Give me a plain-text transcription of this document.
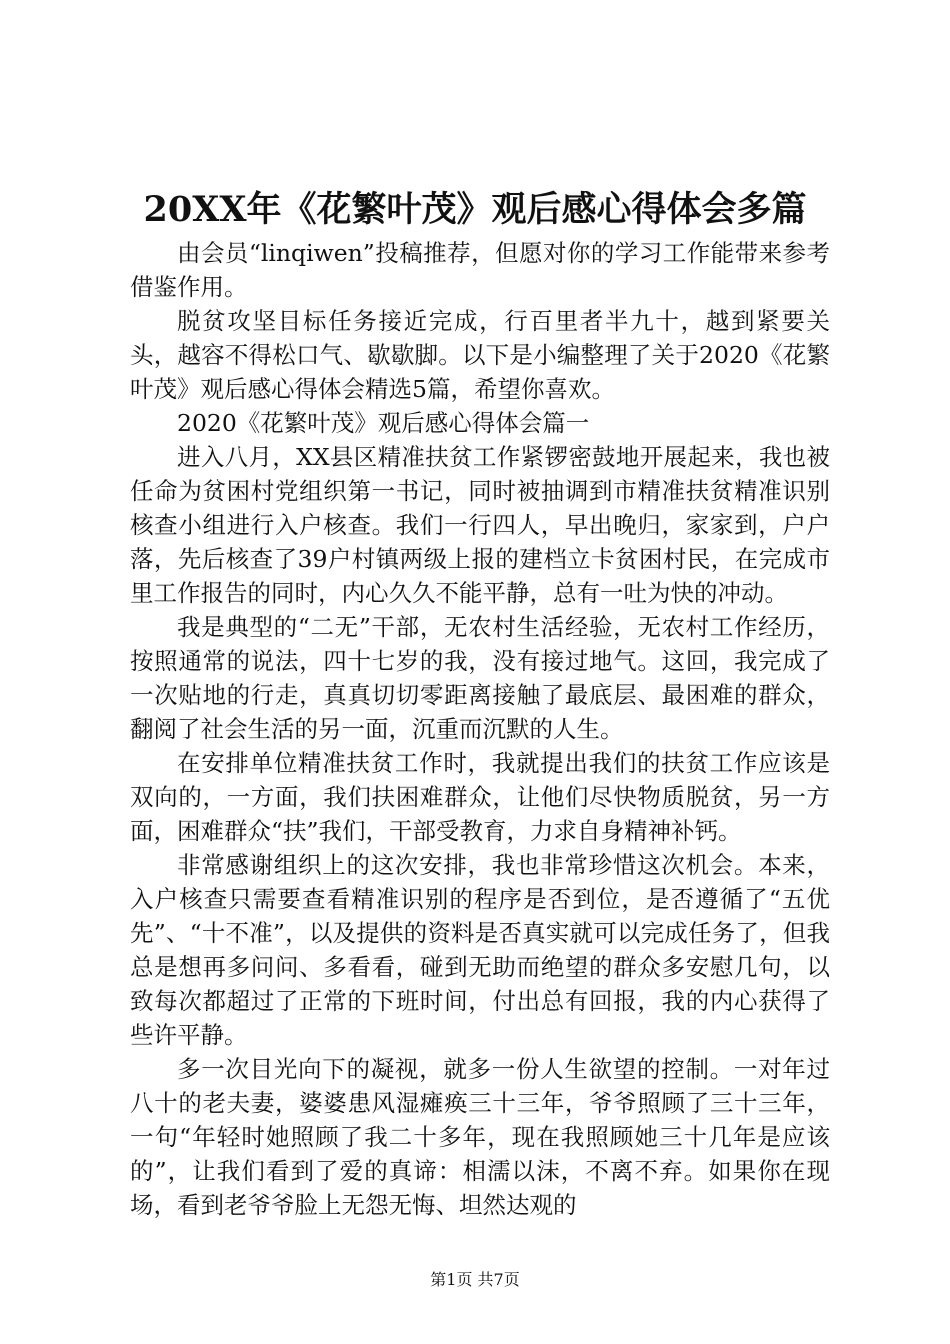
20XX年《花繁叶茂》观后感心得体会多篇

由会员“linqiwen”投稿推荐，但愿对你的学习工作能带来参考借鉴作用。

脱贫攻坚目标任务接近完成，行百里者半九十，越到紧要关头，越容不得松口气、歇歇脚。以下是小编整理了关于2020《花繁叶茂》观后感心得体会精选5篇，希望你喜欢。

2020《花繁叶茂》观后感心得体会篇一

进入八月，XX县区精准扶贫工作紧锣密鼓地开展起来，我也被任命为贫困村党组织第一书记，同时被抽调到市精准扶贫精准识别核查小组进行入户核查。我们一行四人，早出晚归，家家到，户户落，先后核查了39户村镇两级上报的建档立卡贫困村民，在完成市里工作报告的同时，内心久久不能平静，总有一吐为快的冲动。

我是典型的“二无”干部，无农村生活经验，无农村工作经历，按照通常的说法，四十七岁的我，没有接过地气。这回，我完成了一次贴地的行走，真真切切零距离接触了最底层、最困难的群众，翻阅了社会生活的另一面，沉重而沉默的人生。

在安排单位精准扶贫工作时，我就提出我们的扶贫工作应该是双向的，一方面，我们扶困难群众，让他们尽快物质脱贫，另一方面，困难群众“扶”我们，干部受教育，力求自身精神补钙。

非常感谢组织上的这次安排，我也非常珍惜这次机会。本来，入户核查只需要查看精准识别的程序是否到位，是否遵循了“五优先”、“十不准”，以及提供的资料是否真实就可以完成任务了，但我总是想再多问问、多看看，碰到无助而绝望的群众多安慰几句，以致每次都超过了正常的下班时间，付出总有回报，我的内心获得了些许平静。

多一次目光向下的凝视，就多一份人生欲望的控制。一对年过八十的老夫妻，婆婆患风湿瘫痪三十三年，爷爷照顾了三十三年，一句“年轻时她照顾了我二十多年，现在我照顾她三十几年是应该的”，让我们看到了爱的真谛：相濡以沫，不离不弃。如果你在现场，看到老爷爷脸上无怨无悔、坦然达观的

第1页 共7页
